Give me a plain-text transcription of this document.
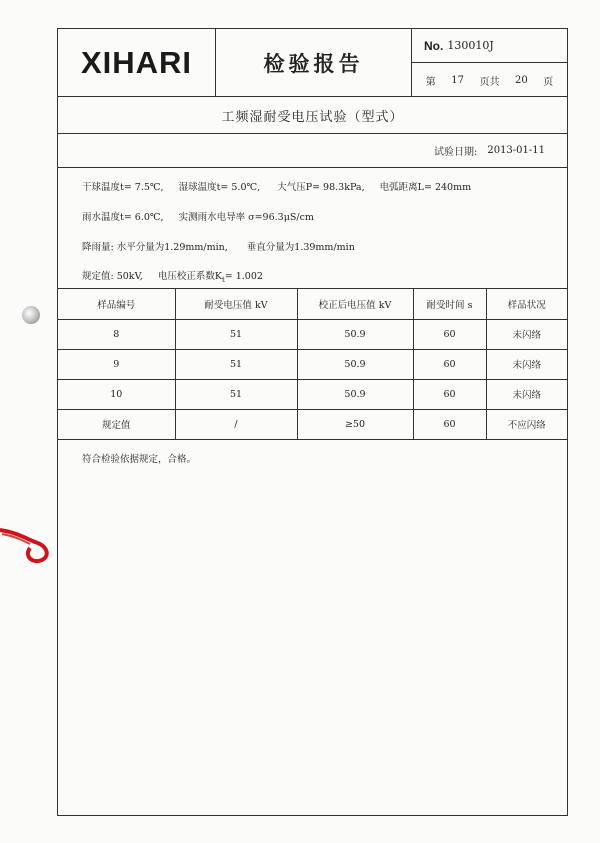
XIHARI	检验报告
No. 130010J
第 17 页共 20 页
工频湿耐受电压试验（型式）
试验日期: 2013-01-11
干球温度t= 7.5℃, 湿球温度t= 5.0℃, 大气压P= 98.3kPa, 电弧距离L= 240mm
雨水温度t= 6.0℃, 实测雨水电导率 σ=96.3μS/cm
降雨量: 水平分量为1.29mm/min,　　垂直分量为1.39mm/min
规定值: 50kV, 电压校正系数$K_t= 1.002$
样品编号	耐受电压值 kV	校正后电压值 kV	耐受时间 s	样品状况
8	51	50.9	60	未闪络
9	51	50.9	60	未闪络
10	51	50.9	60	未闪络
规定值	/	≥50	60	不应闪络
符合检验依据规定，合格。
